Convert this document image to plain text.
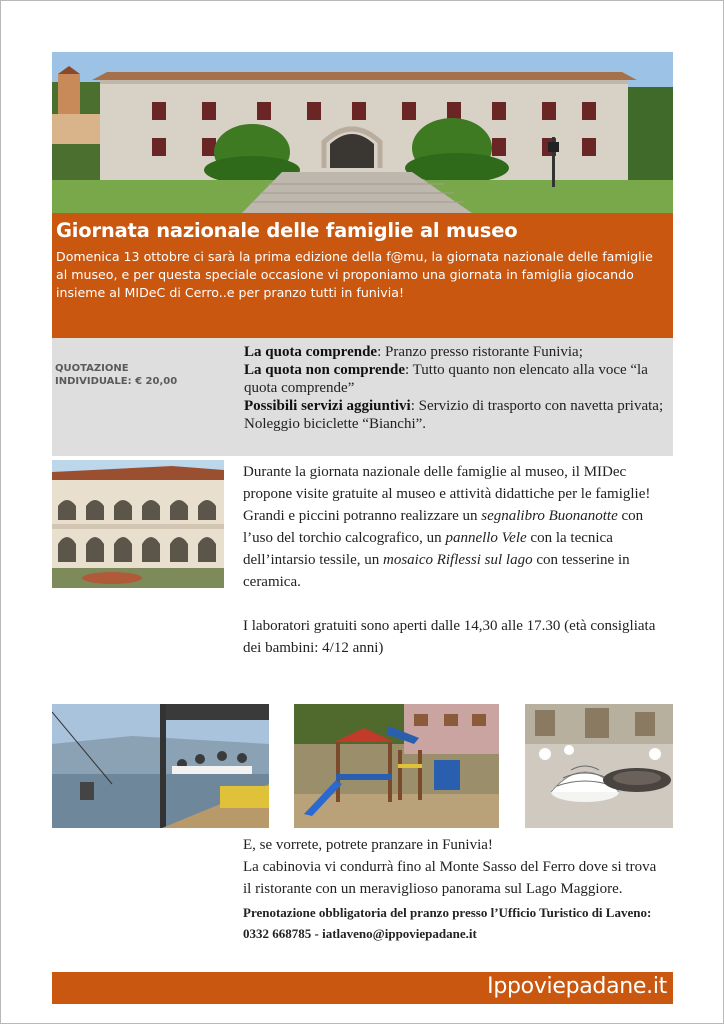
Giornata nazionale delle famiglie al museo
Domenica 13 ottobre ci sarà la prima edizione della f@mu, la giornata nazionale delle famiglie al museo, e per questa speciale occasione vi proponiamo una giornata in famiglia giocando insieme al MIDeC di Cerro..e per pranzo tutti in funivia!
QUOTAZIONE
INDIVIDUALE: € 20,00
La quota comprende: Pranzo presso ristorante Funivia;
La quota non comprende: Tutto quanto non elencato alla voce “la quota comprende”
Possibili servizi aggiuntivi: Servizio di trasporto con navetta privata; Noleggio biciclette “Bianchi”.
Durante la giornata nazionale delle famiglie al museo, il MIDec propone visite gratuite al museo e attività didattiche per le famiglie!
Grandi e piccini potranno realizzare un segnalibro Buonanotte con l’uso del torchio calcografico, un pannello Vele con la tecnica dell’intarsio tessile, un mosaico Riflessi sul lago con tesserine in ceramica.
I laboratori gratuiti sono aperti dalle 14,30 alle 17.30 (età consigliata dei bambini: 4/12 anni)
E, se vorrete, potrete pranzare in Funivia!
La cabinovia vi condurrà fino al Monte Sasso del Ferro dove si trova il ristorante con un meraviglioso panorama sul Lago Maggiore.
Prenotazione obbligatoria del pranzo presso l’Ufficio Turistico di Laveno: 0332 668785 - iatlaveno@ippoviepadane.it
Ippoviepadane.it
